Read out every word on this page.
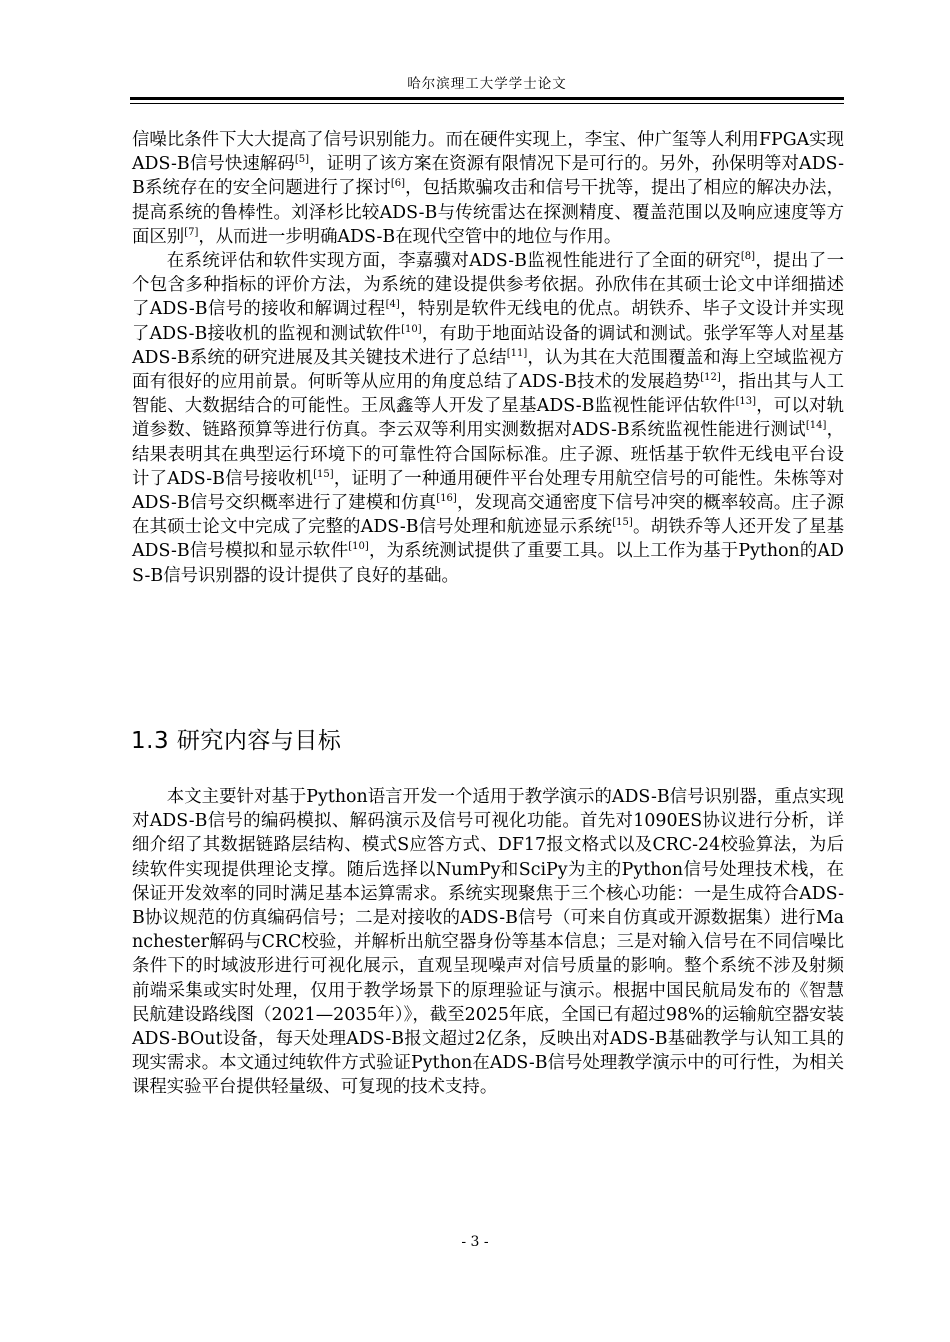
哈尔滨理工大学学士论文

信噪比条件下大大提高了信号识别能力。而在硬件实现上，李宝、仲广玺等人利用FPGA实现ADS-B信号快速解码[5]，证明了该方案在资源有限情况下是可行的。另外，孙保明等对ADS-B系统存在的安全问题进行了探讨[6]，包括欺骗攻击和信号干扰等，提出了相应的解决办法，提高系统的鲁棒性。刘泽杉比较ADS-B与传统雷达在探测精度、覆盖范围以及响应速度等方面区别[7]，从而进一步明确ADS-B在现代空管中的地位与作用。

在系统评估和软件实现方面，李嘉骥对ADS-B监视性能进行了全面的研究[8]，提出了一个包含多种指标的评价方法，为系统的建设提供参考依据。孙欣伟在其硕士论文中详细描述了ADS-B信号的接收和解调过程[4]，特别是软件无线电的优点。胡铁乔、毕子文设计并实现了ADS-B接收机的监视和测试软件[10]，有助于地面站设备的调试和测试。张学军等人对星基ADS-B系统的研究进展及其关键技术进行了总结[11]，认为其在大范围覆盖和海上空域监视方面有很好的应用前景。何昕等从应用的角度总结了ADS-B技术的发展趋势[12]，指出其与人工智能、大数据结合的可能性。王凤鑫等人开发了星基ADS-B监视性能评估软件[13]，可以对轨道参数、链路预算等进行仿真。李云双等利用实测数据对ADS-B系统监视性能进行测试[14]，结果表明其在典型运行环境下的可靠性符合国际标准。庄子源、班恬基于软件无线电平台设计了ADS-B信号接收机[15]，证明了一种通用硬件平台处理专用航空信号的可能性。朱栋等对ADS-B信号交织概率进行了建模和仿真[16]，发现高交通密度下信号冲突的概率较高。庄子源在其硕士论文中完成了完整的ADS-B信号处理和航迹显示系统[15]。胡铁乔等人还开发了星基ADS-B信号模拟和显示软件[10]，为系统测试提供了重要工具。以上工作为基于Python的ADS-B信号识别器的设计提供了良好的基础。

1.3 研究内容与目标

本文主要针对基于Python语言开发一个适用于教学演示的ADS-B信号识别器，重点实现对ADS-B信号的编码模拟、解码演示及信号可视化功能。首先对1090ES协议进行分析，详细介绍了其数据链路层结构、模式S应答方式、DF17报文格式以及CRC-24校验算法，为后续软件实现提供理论支撑。随后选择以NumPy和SciPy为主的Python信号处理技术栈，在保证开发效率的同时满足基本运算需求。系统实现聚焦于三个核心功能：一是生成符合ADS-B协议规范的仿真编码信号；二是对接收的ADS-B信号（可来自仿真或开源数据集）进行Manchester解码与CRC校验，并解析出航空器身份等基本信息；三是对输入信号在不同信噪比条件下的时域波形进行可视化展示，直观呈现噪声对信号质量的影响。整个系统不涉及射频前端采集或实时处理，仅用于教学场景下的原理验证与演示。根据中国民航局发布的《智慧民航建设路线图（2021—2035年）》，截至2025年底，全国已有超过98%的运输航空器安装ADS-BOut设备，每天处理ADS-B报文超过2亿条，反映出对ADS-B基础教学与认知工具的现实需求。本文通过纯软件方式验证Python在ADS-B信号处理教学演示中的可行性，为相关课程实验平台提供轻量级、可复现的技术支持。

- 3 -
